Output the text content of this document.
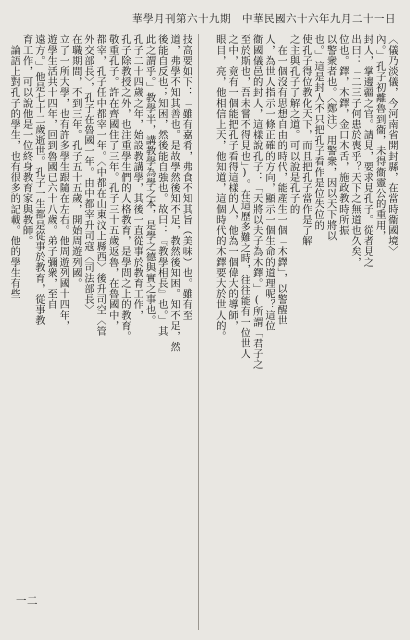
華學月刊第六十九期　中華民國六十六年九月二十一日
一二
〈儀乃淡儀，今河南省開封縣，在當時衞國境〉
內。」孔子初離魯到衞，未得衞靈公的重用，
封人，掌邊疆之官。請見，要求見孔子。從者見之
出曰：「二三子何患於喪乎？天下之無道也久矣，
位也。鐸，木鐸，金口木舌，施政教時所振
以警衆者也。〈鄭注〉用警衆，因以天下將以
也。」這是封人不只把孔子看作是位失位的
使孔子得位教化天下，而且把孔子當作是了解
之主與孔子了解之道。可以說是孔子的
　在一個沒有思想自由的時代，能產生一個「木鐸」，以警醒世
人，為世人指示一條正確的方向，顯示一個生命的道理呢？這位
衞國儀邑的封人，這樣說孔子：「天將以夫子為木鐸。」(所謂「君子之
至於斯也，吾未嘗不得見也」)。在這歷多難之時，往往能有一位世人
之中，竟有一個能把孔子看得這樣的人，他為一個偉大的導師，
眼目，亮，他相信上天，他知道，這個時代的木鐸要大於世人的。
技高要如下：「雖有嘉肴，弗食不知其旨（美味）也。雖有至
道，弗學不知其善也。是故學然後知不足，教然後知困。知不足，然
後能自反也；知困，然後能自強也。故曰：『教學相長』也。」其
此之謂乎。」教學半，講教學為學之本，是學之德與實之事也。
孔子二十四歲之年，始設教講學，其後一直從事於教育工作，
孔子除教授之外，也注重學生們的人格教育，是學問之上的教育。
敬重孔子。許在齊國住了三年。孔子三十五歲返魯，在魯國中，
都宰，孔子任中都宰一年。〈中都在山東汶上縣西〉後升司空〈管
外交部長〉，孔子在魯國一年。由中都宰升司寇〈司法部長〉
在職期間，不到三年。孔子五十五歲，開始周遊列國。
立了一所大學，也有許多學生跟隨在左右。他周遊列國十四年，
遊學生活共十四年，回到魯國已六十八歲。弟子彌衆，至自
遠方。」他是七十二歲逝世。孔子一生都是從事於教育，從事教
育工作，可以說他是一位終身教育家與教師。
　論語上對孔子的學生，也有很多的記載。他的學生有些
